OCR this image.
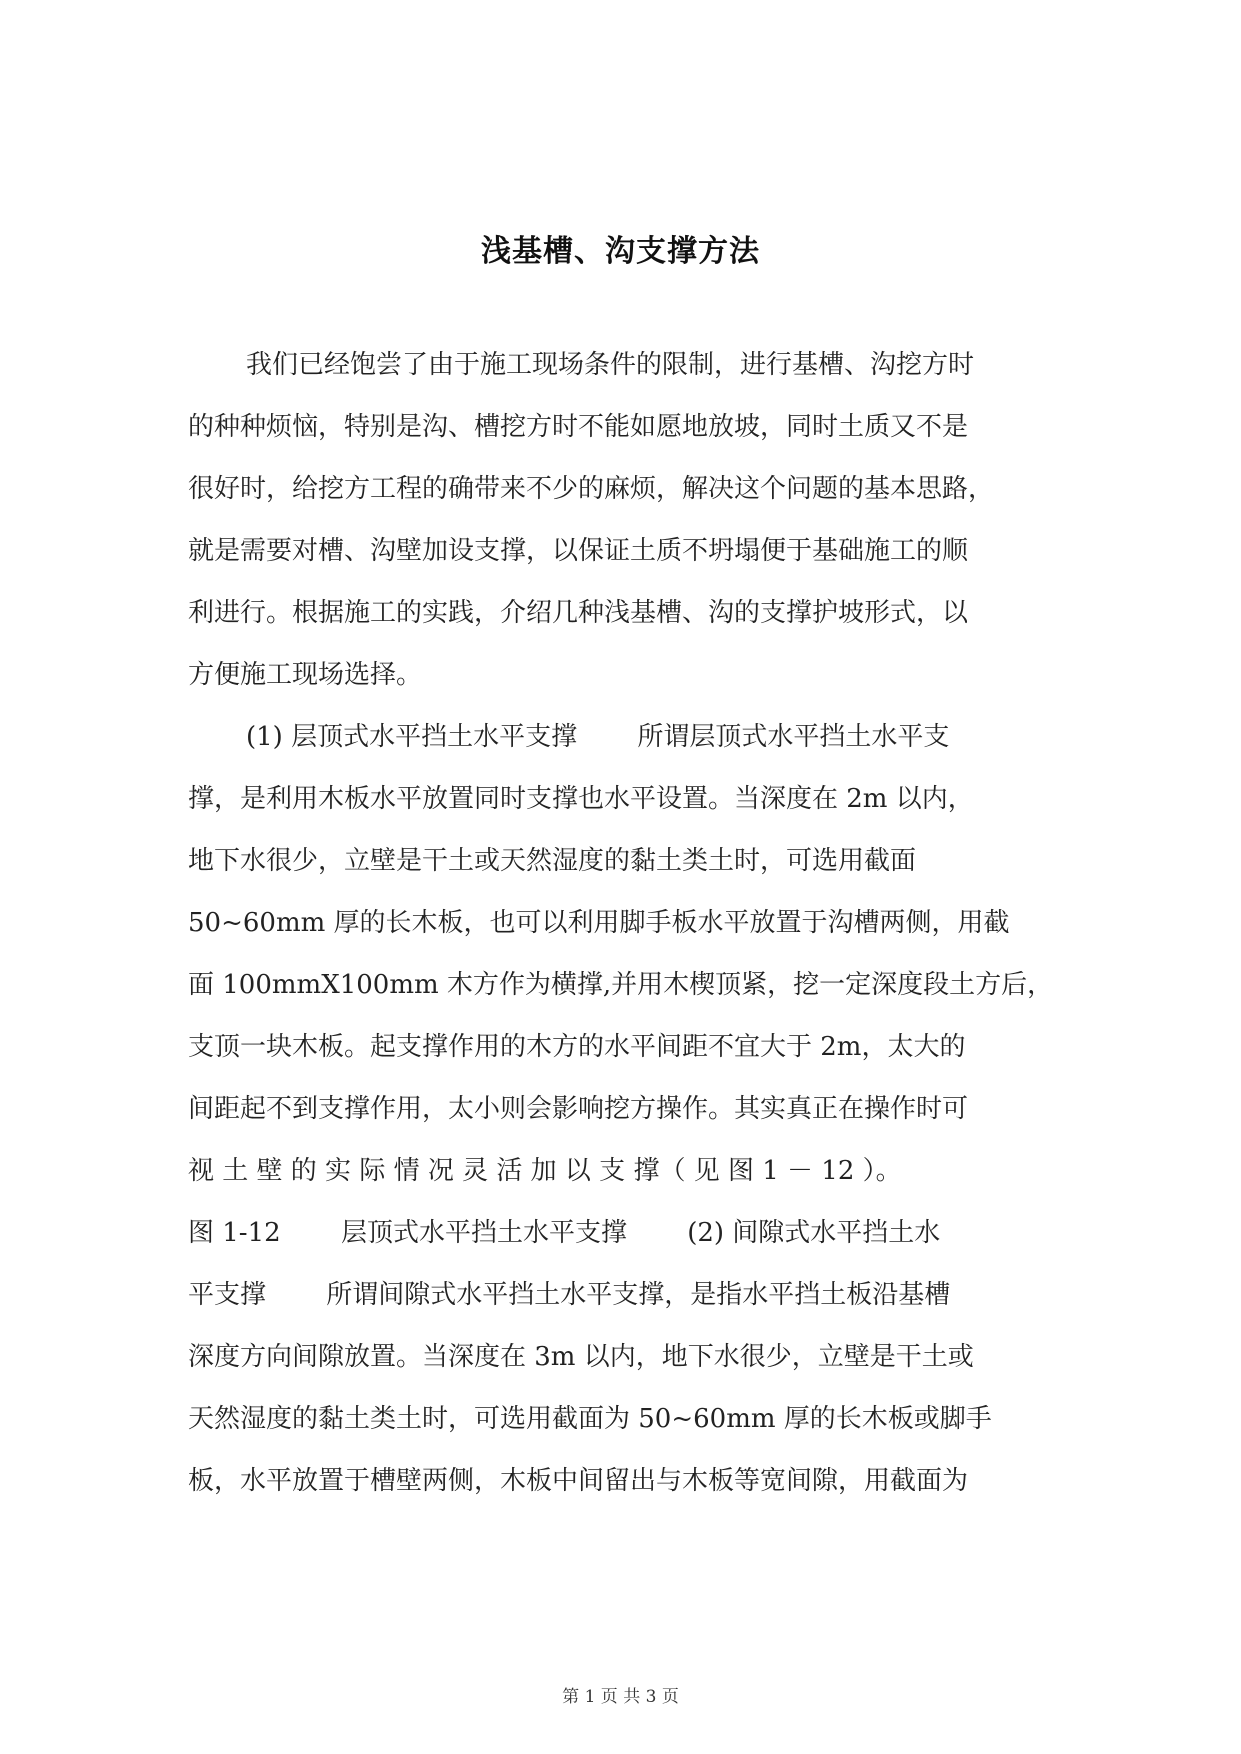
浅基槽、沟支撑方法
我们已经饱尝了由于施工现场条件的限制，进行基槽、沟挖方时
的种种烦恼，特别是沟、槽挖方时不能如愿地放坡，同时土质又不是
很好时，给挖方工程的确带来不少的麻烦，解决这个问题的基本思路，
就是需要对槽、沟壁加设支撑，以保证土质不坍塌便于基础施工的顺
利进行。根据施工的实践，介绍几种浅基槽、沟的支撑护坡形式，以
方便施工现场选择。
(1) 层顶式水平挡土水平支撑　　 所谓层顶式水平挡土水平支
撑，是利用木板水平放置同时支撑也水平设置。当深度在 2m 以内，
地下水很少，立壁是干土或天然湿度的黏土类土时，可选用截面
50~60mm 厚的长木板，也可以利用脚手板水平放置于沟槽两侧，用截
面 100mmX100mm 木方作为横撑,并用木楔顶紧，挖一定深度段土方后，
支顶一块木板。起支撑作用的木方的水平间距不宜大于 2m，太大的
间距起不到支撑作用，太小则会影响挖方操作。其实真正在操作时可
视 土 壁 的 实 际 情 况 灵 活 加 以 支 撑（ 见 图 1 － 12 ）。
图 1-12　　 层顶式水平挡土水平支撑　　 (2) 间隙式水平挡土水
平支撑　　 所谓间隙式水平挡土水平支撑，是指水平挡土板沿基槽
深度方向间隙放置。当深度在 3m 以内，地下水很少，立壁是干土或
天然湿度的黏土类土时，可选用截面为 50~60mm 厚的长木板或脚手
板，水平放置于槽壁两侧，木板中间留出与木板等宽间隙，用截面为
第 1 页 共 3 页
